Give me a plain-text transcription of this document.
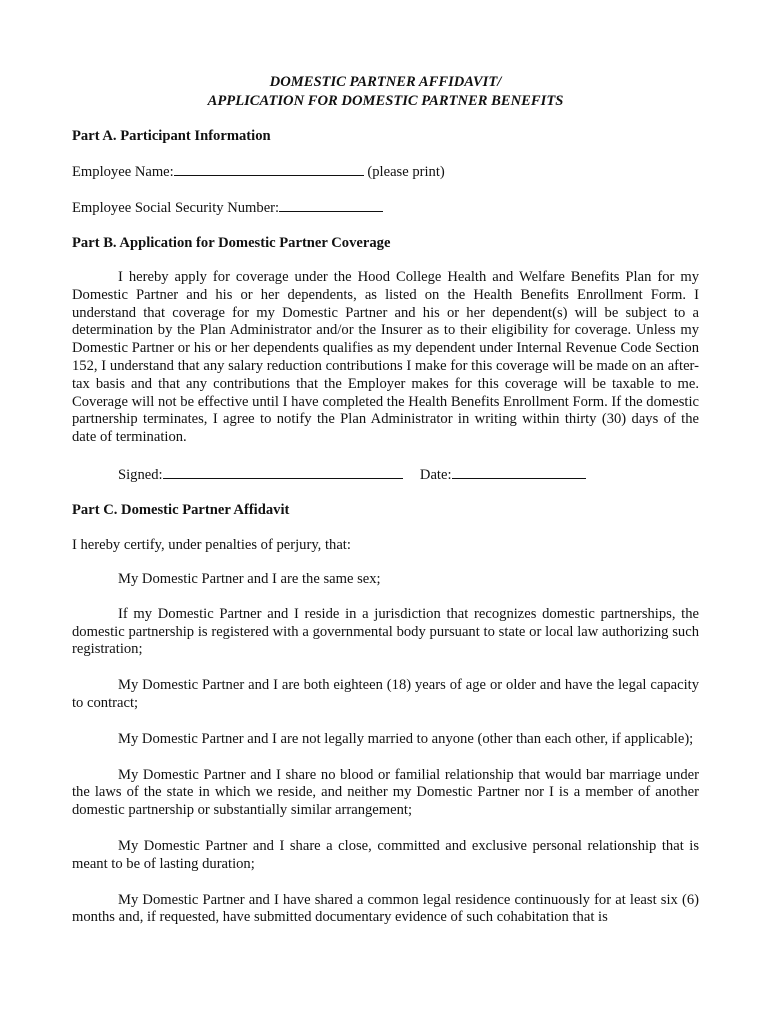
DOMESTIC PARTNER AFFIDAVIT/

APPLICATION FOR DOMESTIC PARTNER BENEFITS

Part A. Participant Information

Employee Name:	(please print)

Employee Social Security Number:

Part B. Application for Domestic Partner Coverage

I hereby apply for coverage under the Hood College Health and Welfare Benefits Plan for my Domestic Partner and his or her dependents, as listed on the Health Benefits Enrollment Form. I understand that coverage for my Domestic Partner and his or her dependent(s) will be subject to a determination by the Plan Administrator and/or the Insurer as to their eligibility for coverage. Unless my Domestic Partner or his or her dependents qualifies as my dependent under Internal Revenue Code Section 152, I understand that any salary reduction contributions I make for this coverage will be made on an after-tax basis and that any contributions that the Employer makes for this coverage will be taxable to me. Coverage will not be effective until I have completed the Health Benefits Enrollment Form. If the domestic partnership terminates, I agree to notify the Plan Administrator in writing within thirty (30) days of the date of termination.

Signed:	Date:

Part C. Domestic Partner Affidavit

I hereby certify, under penalties of perjury, that:

My Domestic Partner and I are the same sex;

If my Domestic Partner and I reside in a jurisdiction that recognizes domestic partnerships, the domestic partnership is registered with a governmental body pursuant to state or local law authorizing such registration;

My Domestic Partner and I are both eighteen (18) years of age or older and have the legal capacity to contract;

My Domestic Partner and I are not legally married to anyone (other than each other, if applicable);

My Domestic Partner and I share no blood or familial relationship that would bar marriage under the laws of the state in which we reside, and neither my Domestic Partner nor I is a member of another domestic partnership or substantially similar arrangement;

My Domestic Partner and I share a close, committed and exclusive personal relationship that is meant to be of lasting duration;

My Domestic Partner and I have shared a common legal residence continuously for at least six (6) months and, if requested, have submitted documentary evidence of such cohabitation that is
